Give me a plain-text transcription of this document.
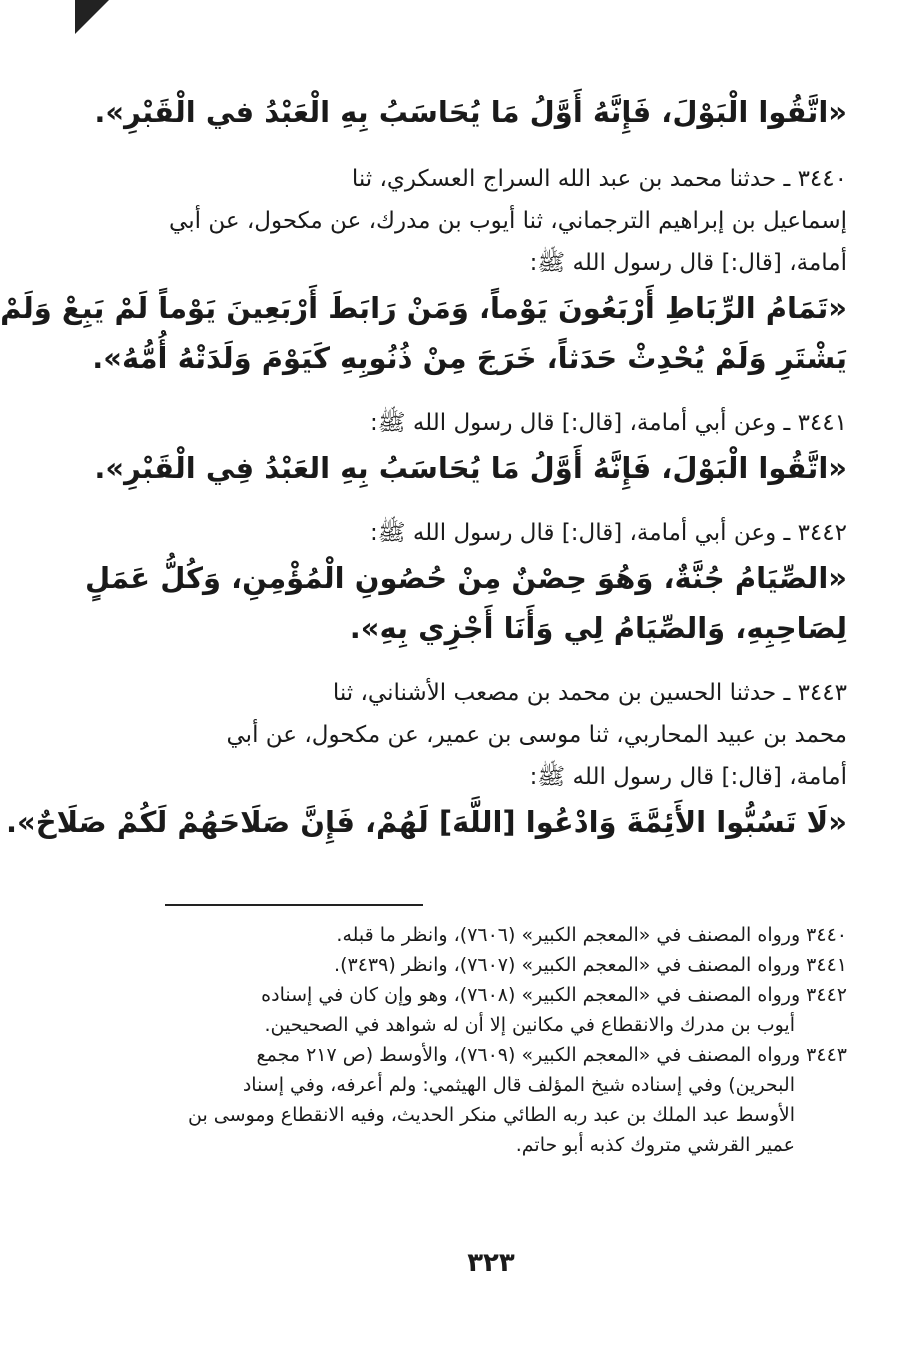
«اتَّقُوا الْبَوْلَ، فَإِنَّهُ أَوَّلُ مَا يُحَاسَبُ بِهِ الْعَبْدُ في الْقَبْرِ».

٣٤٤٠ ـ حدثنا محمد بن عبد الله السراج العسكري، ثنا

إسماعيل بن إبراهيم الترجماني، ثنا أيوب بن مدرك، عن مكحول، عن أبي

أمامة، [قال:] قال رسول الله ﷺ:

«تَمَامُ الرِّبَاطِ أَرْبَعُونَ يَوْماً، وَمَنْ رَابَطَ أَرْبَعِينَ يَوْماً لَمْ يَبِعْ وَلَمْ

يَشْتَرِ وَلَمْ يُحْدِثْ حَدَثاً، خَرَجَ مِنْ ذُنُوبِهِ كَيَوْمَ وَلَدَتْهُ أُمُّهُ».

٣٤٤١ ـ وعن أبي أمامة، [قال:] قال رسول الله ﷺ:

«اتَّقُوا الْبَوْلَ، فَإِنَّهُ أَوَّلُ مَا يُحَاسَبُ بِهِ العَبْدُ فِي الْقَبْرِ».

٣٤٤٢ ـ وعن أبي أمامة، [قال:] قال رسول الله ﷺ:

«الصِّيَامُ جُنَّةٌ، وَهُوَ حِصْنٌ مِنْ حُصُونِ الْمُؤْمِنِ، وَكُلُّ عَمَلٍ

لِصَاحِبِهِ، وَالصِّيَامُ لِي وَأَنَا أَجْزِي بِهِ».

٣٤٤٣ ـ حدثنا الحسين بن محمد بن مصعب الأشناني، ثنا

محمد بن عبيد المحاربي، ثنا موسى بن عمير، عن مكحول، عن أبي

أمامة، [قال:] قال رسول الله ﷺ:

«لَا تَسُبُّوا الأَئِمَّةَ وَادْعُوا [اللَّهَ] لَهُمْ، فَإِنَّ صَلَاحَهُمْ لَكُمْ صَلَاحٌ».

٣٤٤٠ ورواه المصنف في «المعجم الكبير» (٧٦٠٦)، وانظر ما قبله.

٣٤٤١ ورواه المصنف في «المعجم الكبير» (٧٦٠٧)، وانظر (٣٤٣٩).

٣٤٤٢ ورواه المصنف في «المعجم الكبير» (٧٦٠٨)، وهو وإن كان في إسناده

أيوب بن مدرك والانقطاع في مكانين إلا أن له شواهد في الصحيحين.

٣٤٤٣ ورواه المصنف في «المعجم الكبير» (٧٦٠٩)، والأوسط (ص ٢١٧ مجمع

البحرين) وفي إسناده شيخ المؤلف قال الهيثمي: ولم أعرفه، وفي إسناد

الأوسط عبد الملك بن عبد ربه الطائي منكر الحديث، وفيه الانقطاع وموسى بن

عمير القرشي متروك كذبه أبو حاتم.

٣٢٣
